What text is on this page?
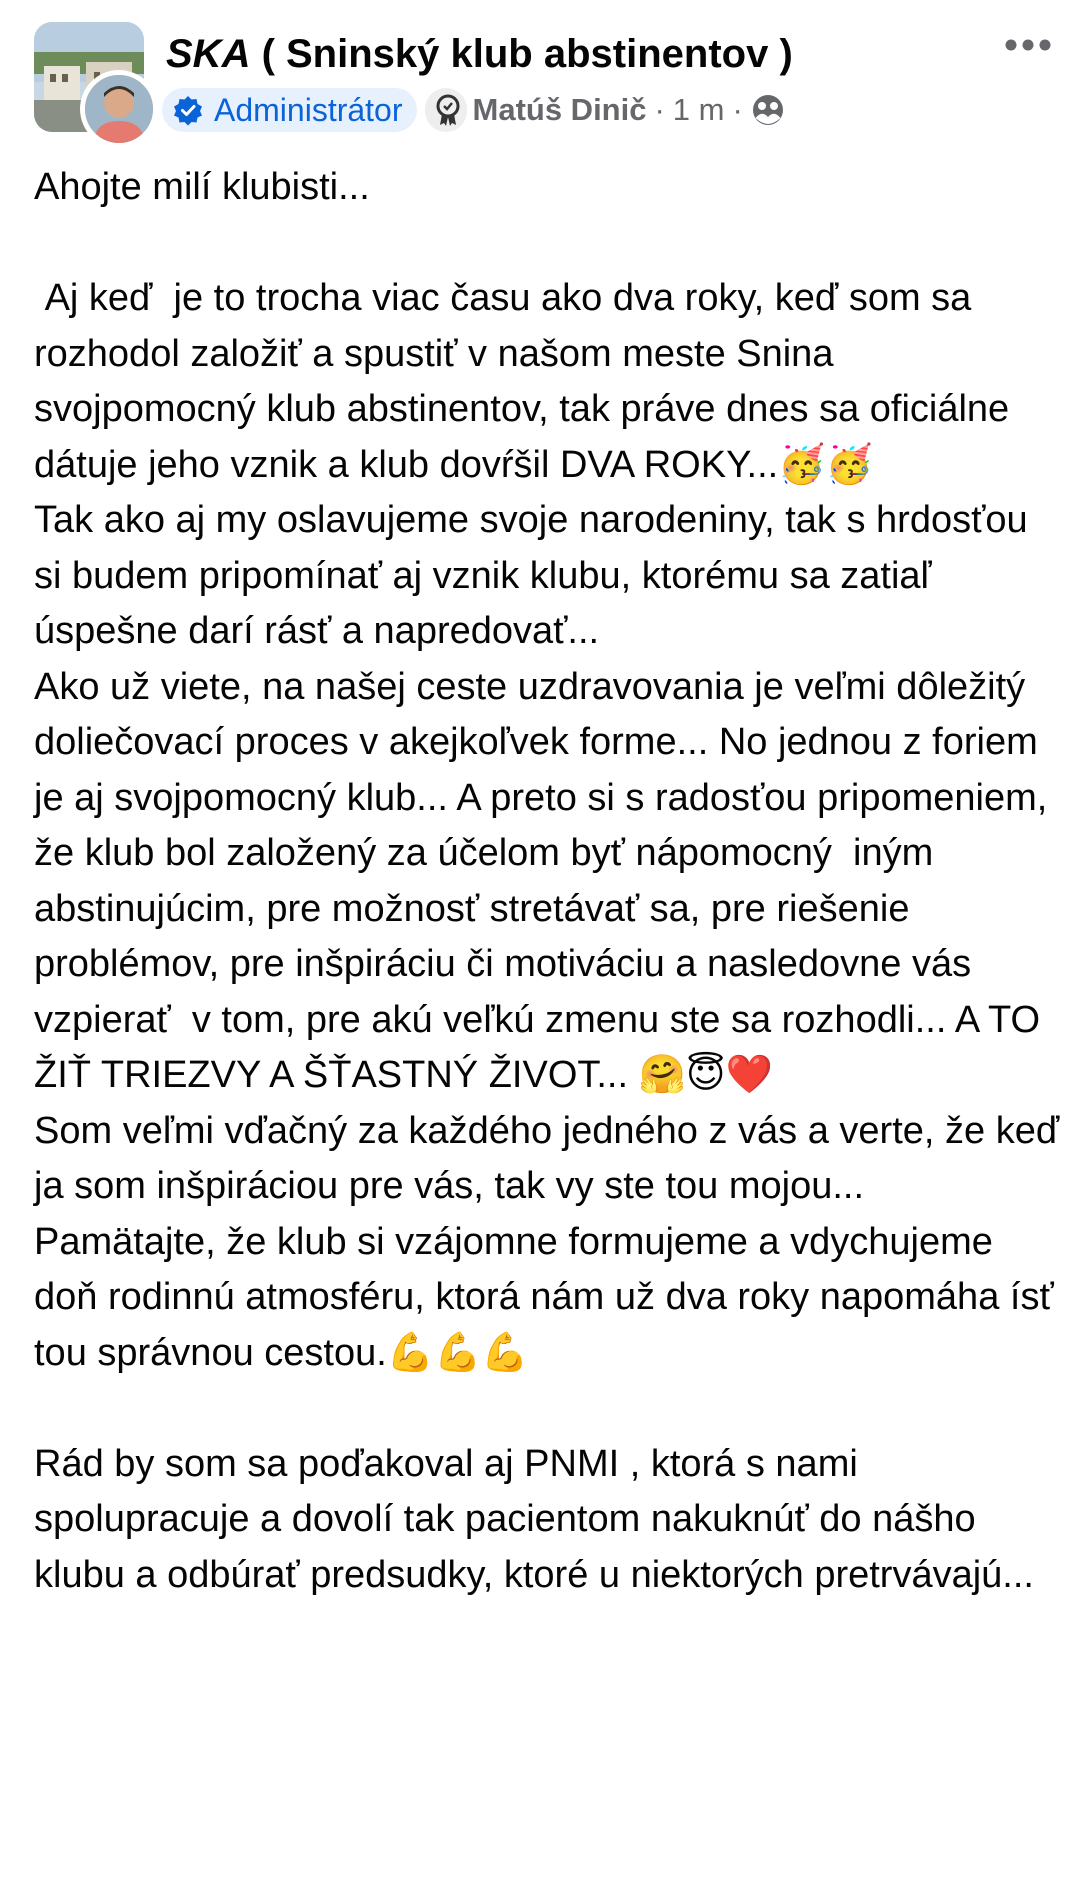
SKA ( Sninský klub abstinentov )
Administrátor Matúš Dinič · 1 m ·
Ahojte milí klubisti...

Aj keď  je to trocha viac času ako dva roky, keď som sa rozhodol založiť a spustiť v našom meste Snina svojpomocný klub abstinentov, tak práve dnes sa oficiálne dátuje jeho vznik a klub dovŕšil DVA ROKY...🥳🥳
Tak ako aj my oslavujeme svoje narodeniny, tak s hrdosťou si budem pripomínať aj vznik klubu, ktorému sa zatiaľ úspešne darí rásť a napredovať...
Ako už viete, na našej ceste uzdravovania je veľmi dôležitý doliečovací proces v akejkoľvek forme... No jednou z foriem je aj svojpomocný klub... A preto si s radosťou pripomeniem, že klub bol založený za účelom byť nápomocný  iným abstinujúcim, pre možnosť stretávať sa, pre riešenie problémov, pre inšpiráciu či motiváciu a nasledovne vás vzpierať  v tom, pre akú veľkú zmenu ste sa rozhodli... A TO ŽIŤ TRIEZVY A ŠŤASTNÝ ŽIVOT... 🤗😇❤️
Som veľmi vďačný za každého jedného z vás a verte, že keď ja som inšpiráciou pre vás, tak vy ste tou mojou...
Pamätajte, že klub si vzájomne formujeme a vdychujeme doň rodinnú atmosféru, ktorá nám už dva roky napomáha ísť tou správnou cestou.💪💪💪

Rád by som sa poďakoval aj PNMI , ktorá s nami spolupracuje a dovolí tak pacientom nakuknúť do nášho klubu a odbúrať predsudky, ktoré u niektorých pretrvávajú...
